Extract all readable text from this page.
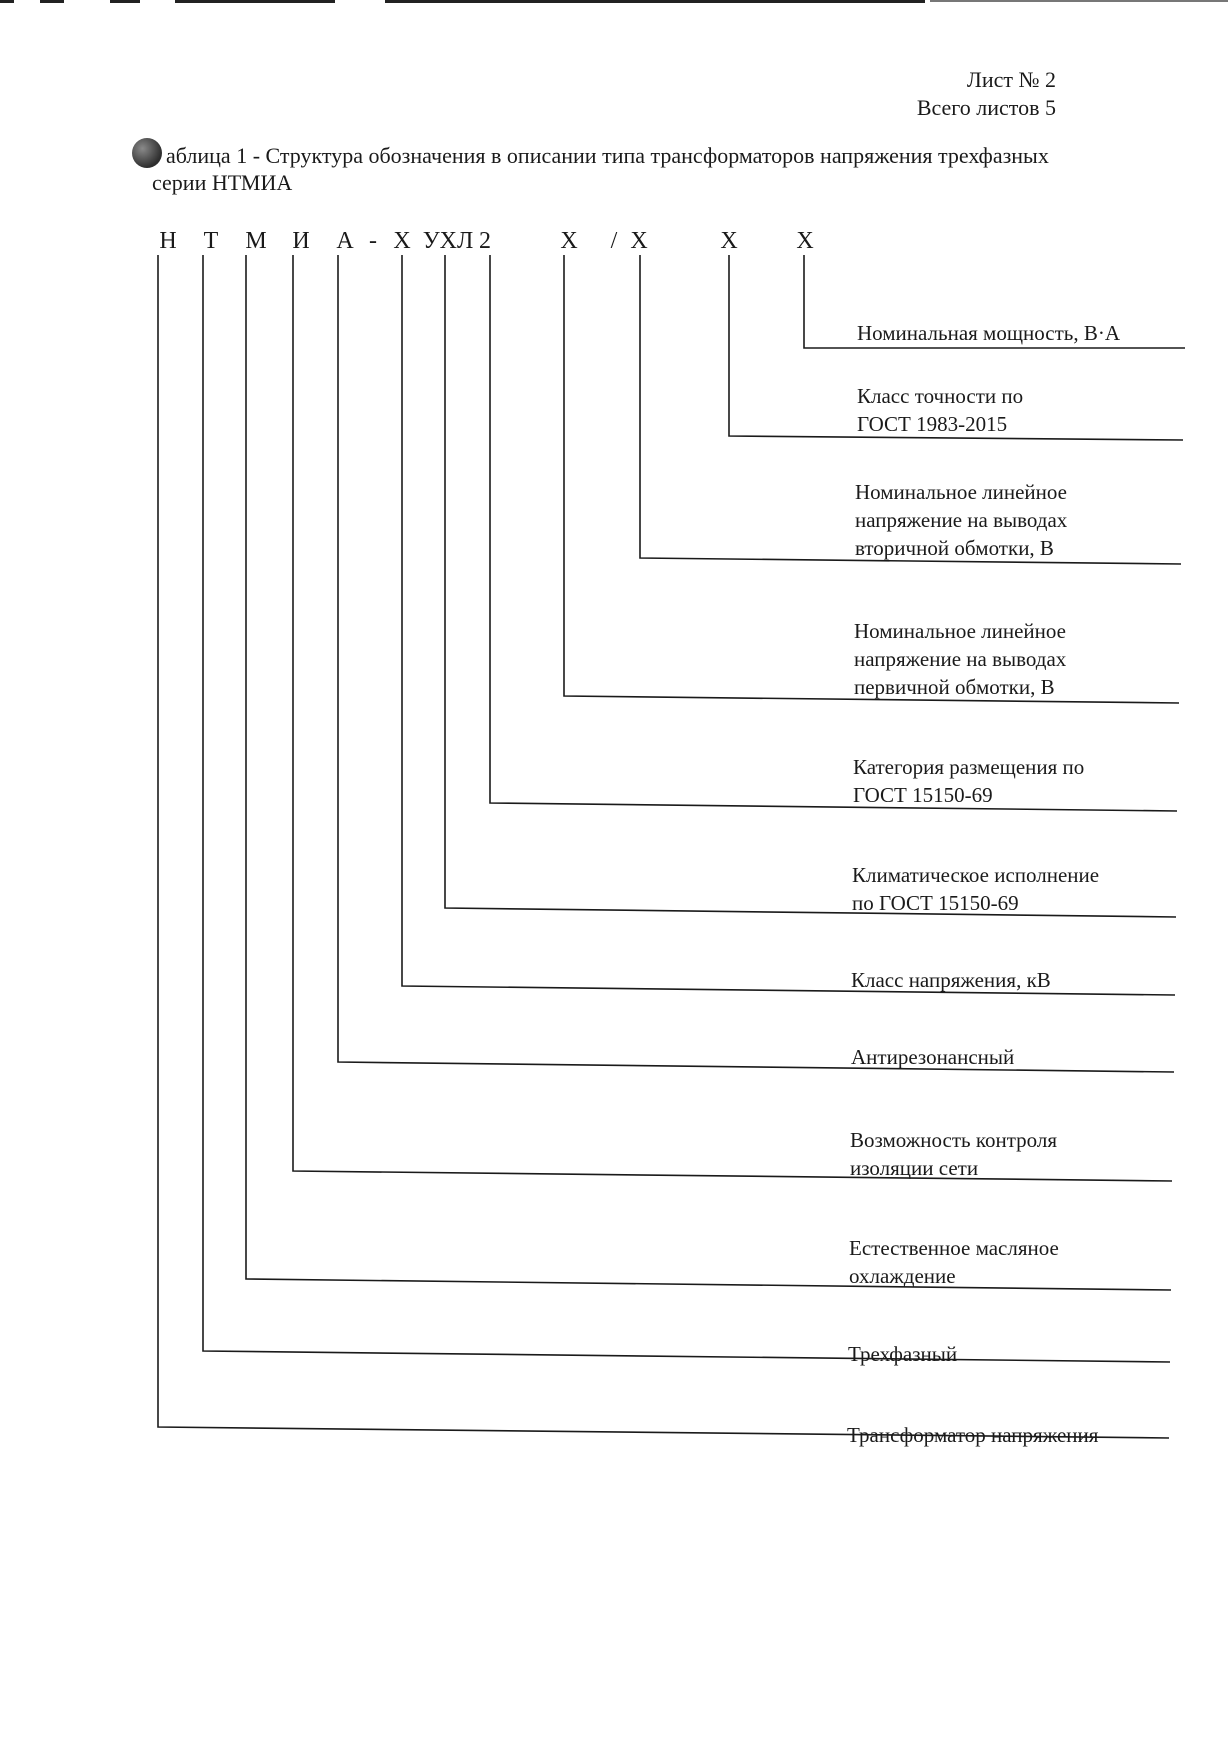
Лист № 2
Всего листов 5
аблица 1 - Структура обозначения в описании типа трансформаторов напряжения трехфазных
серии НТМИА
Н	Т	М	И	А - Х УХЛ 2	Х	/ Х	Х	Х
Номинальная мощность, В·А
Класс точности по
ГОСТ 1983-2015
Номинальное линейное
напряжение на выводах
вторичной обмотки, В
Номинальное линейное
напряжение на выводах
первичной обмотки, В
Категория размещения по
ГОСТ 15150-69
Климатическое исполнение
по ГОСТ 15150-69
Класс напряжения, кВ
Антирезонансный
Возможность контроля
изоляции сети
Естественное масляное
охлаждение
Трехфазный
Трансформатор напряжения
